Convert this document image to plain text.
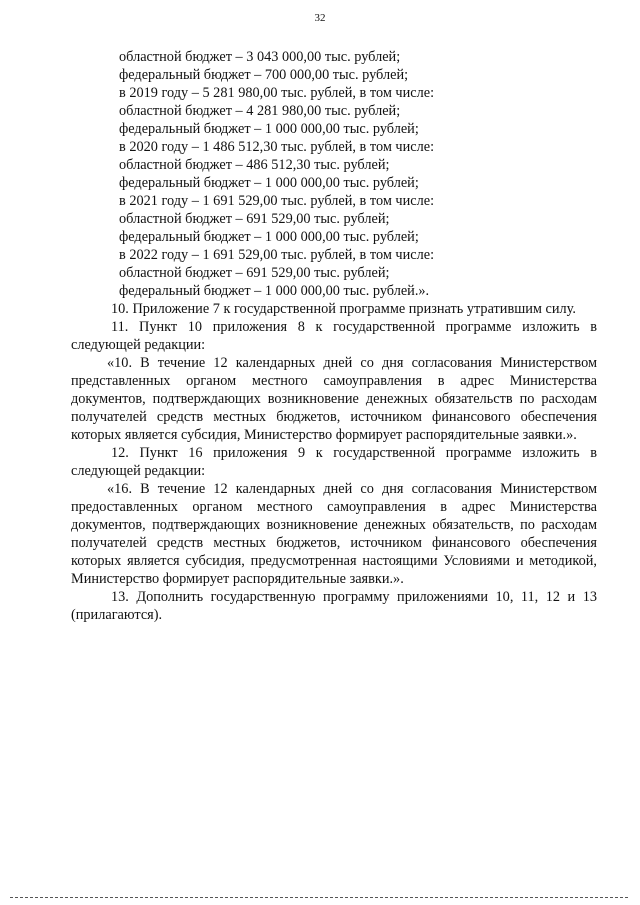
32
областной бюджет – 3 043 000,00 тыс. рублей;
федеральный бюджет – 700 000,00 тыс. рублей;
в 2019 году – 5 281 980,00 тыс. рублей, в том числе:
областной бюджет – 4 281 980,00 тыс. рублей;
федеральный бюджет – 1 000 000,00 тыс. рублей;
в 2020 году – 1 486 512,30 тыс. рублей, в том числе:
областной бюджет – 486 512,30 тыс. рублей;
федеральный бюджет – 1 000 000,00 тыс. рублей;
в 2021 году – 1 691 529,00 тыс. рублей, в том числе:
областной бюджет – 691 529,00 тыс. рублей;
федеральный бюджет – 1 000 000,00 тыс. рублей;
в 2022 году – 1 691 529,00 тыс. рублей, в том числе:
областной бюджет – 691 529,00 тыс. рублей;
федеральный бюджет – 1 000 000,00 тыс. рублей.».

10. Приложение 7 к государственной программе признать утратившим силу.

11. Пункт 10 приложения 8 к государственной программе изложить в следующей редакции:

«10. В течение 12 календарных дней со дня согласования Министерством представленных органом местного самоуправления в адрес Министерства документов, подтверждающих возникновение денежных обязательств по расходам получателей средств местных бюджетов, источником финансового обеспечения которых является субсидия, Министерство формирует распорядительные заявки.».

12. Пункт 16 приложения 9 к государственной программе изложить в следующей редакции:

«16. В течение 12 календарных дней со дня согласования Министерством предоставленных органом местного самоуправления в адрес Министерства документов, подтверждающих возникновение денежных обязательств, по расходам получателей средств местных бюджетов, источником финансового обеспечения которых является субсидия, предусмотренная настоящими Условиями и методикой, Министерство формирует распорядительные заявки.».

13. Дополнить государственную программу приложениями 10, 11, 12 и 13 (прилагаются).
